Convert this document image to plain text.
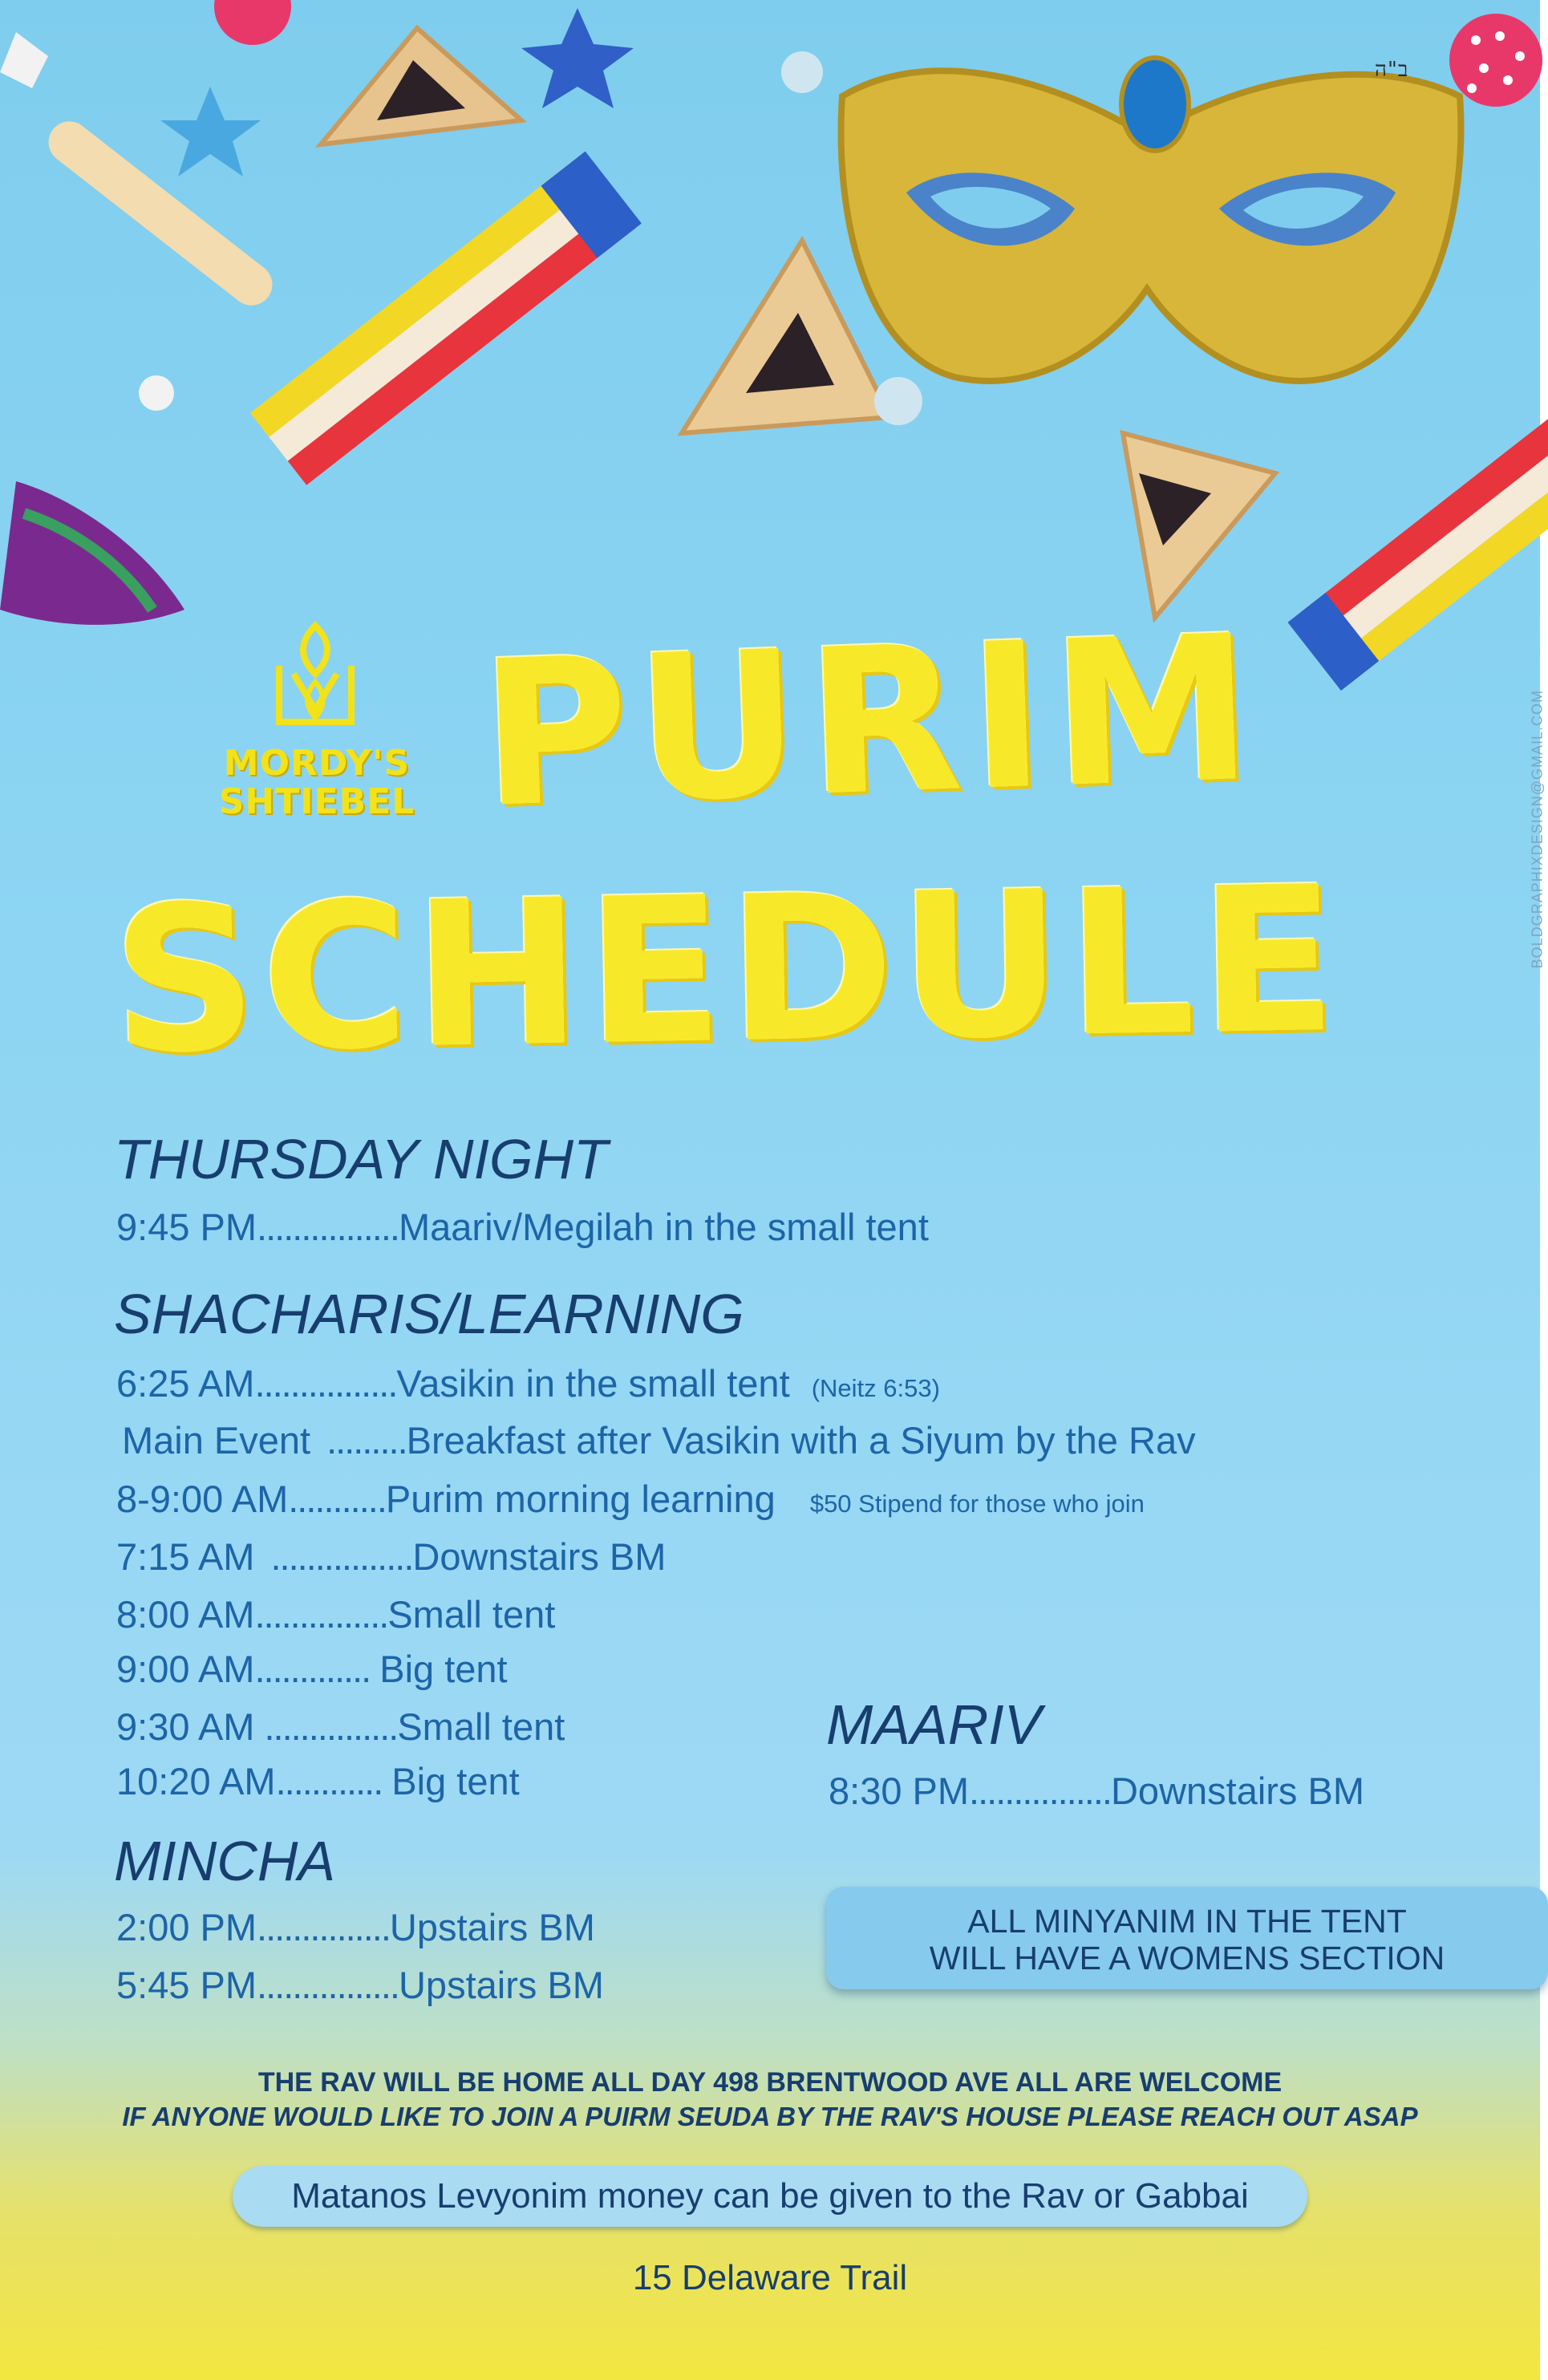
ב"ה
BOLDGRAPHIXDESIGN@GMAIL.COM
MORDY'S
SHTIEBEL PURIM
SCHEDULE
THURSDAY NIGHT
9:45 PM................Maariv/Megilah in the small tent
SHACHARIS/LEARNING
6:25 AM................Vasikin in the small tent (Neitz 6:53)
Main Event .........Breakfast after Vasikin with a Siyum by the Rav
8-9:00 AM...........Purim morning learning $50 Stipend for those who join
7:15 AM ................Downstairs BM
8:00 AM...............Small tent
9:00 AM............. Big tent
9:30 AM ...............Small tent
10:20 AM............ Big tent
MINCHA
2:00 PM...............Upstairs BM
5:45 PM................Upstairs BM
MAARIV
8:30 PM................Downstairs BM
ALL MINYANIM IN THE TENT
WILL HAVE A WOMENS SECTION
THE RAV WILL BE HOME ALL DAY 498 BRENTWOOD AVE ALL ARE WELCOME
IF ANYONE WOULD LIKE TO JOIN A PUIRM SEUDA BY THE RAV'S HOUSE PLEASE REACH OUT ASAP
Matanos Levyonim money can be given to the Rav or Gabbai
15 Delaware Trail
